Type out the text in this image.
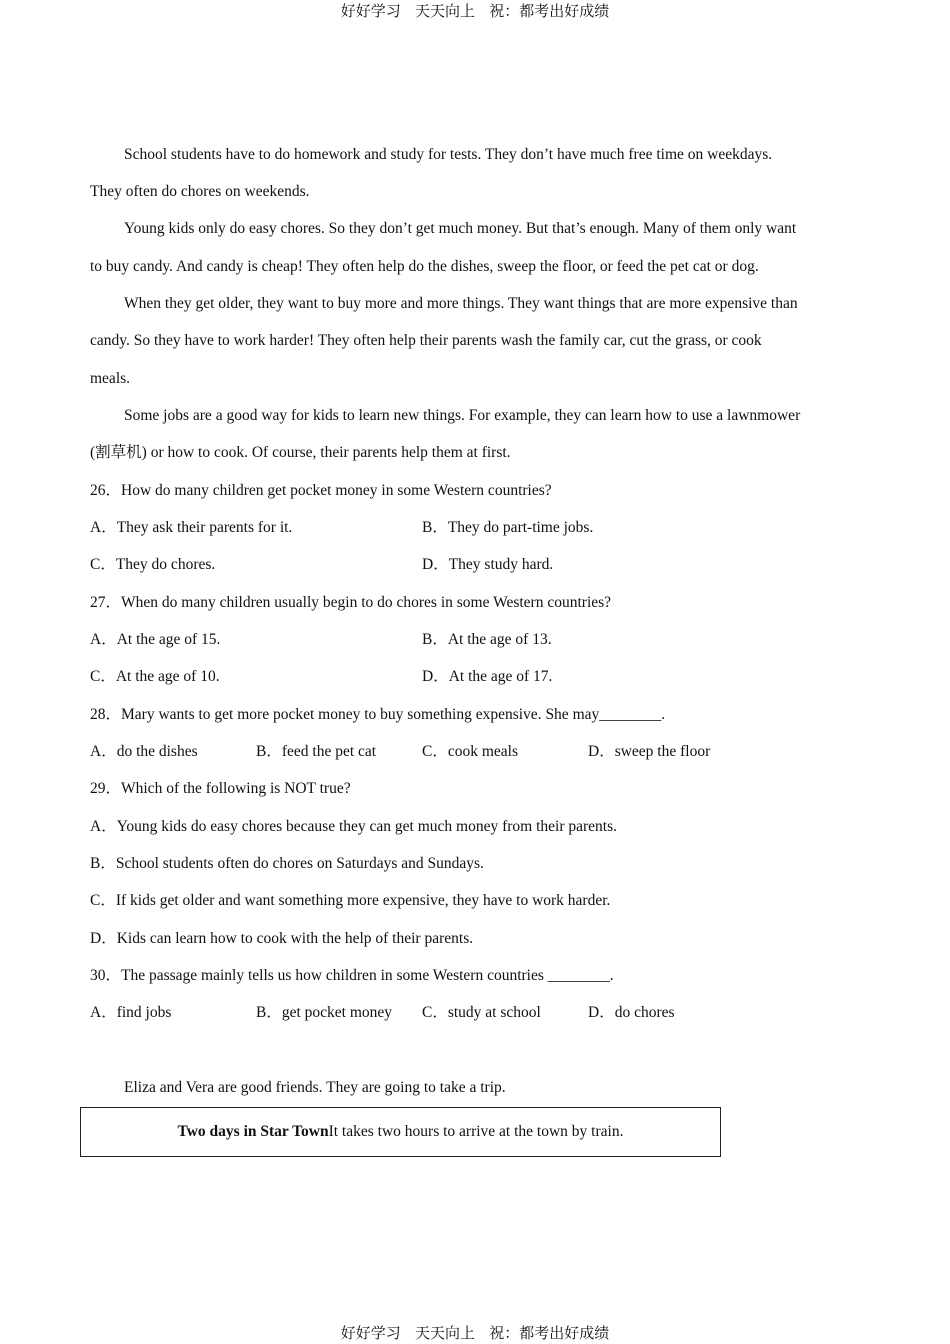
好好学习   天天向上   祝：都考出好成绩
School students have to do homework and study for tests. They don’t have much free time on weekdays.
They often do chores on weekends.
Young kids only do easy chores. So they don’t get much money. But that’s enough. Many of them only want
to buy candy. And candy is cheap! They often help do the dishes, sweep the floor, or feed the pet cat or dog.
When they get older, they want to buy more and more things. They want things that are more expensive than
candy. So they have to work harder! They often help their parents wash the family car, cut the grass, or cook
meals.
Some jobs are a good way for kids to learn new things. For example, they can learn how to use a lawnmower
(割草机) or how to cook. Of course, their parents help them at first.
26．How do many children get pocket money in some Western countries?
A．They ask their parents for it.	B．They do part-time jobs.
C．They do chores.	D．They study hard.
27．When do many children usually begin to do chores in some Western countries?
A．At the age of 15.	B．At the age of 13.
C．At the age of 10.	D．At the age of 17.
28．Mary wants to get more pocket money to buy something expensive. She may________.
A．do the dishes	B．feed the pet cat	C．cook meals	D．sweep the floor
29．Which of the following is NOT true?
A．Young kids do easy chores because they can get much money from their parents.
B．School students often do chores on Saturdays and Sundays.
C．If kids get older and want something more expensive, they have to work harder.
D．Kids can learn how to cook with the help of their parents.
30．The passage mainly tells us how children in some Western countries ________.
A．find jobs	B．get pocket money C．study at school	D．do chores
Eliza and Vera are good friends. They are going to take a trip.
Two days in Star TownIt takes two hours to arrive at the town by train.
好好学习   天天向上   祝：都考出好成绩
